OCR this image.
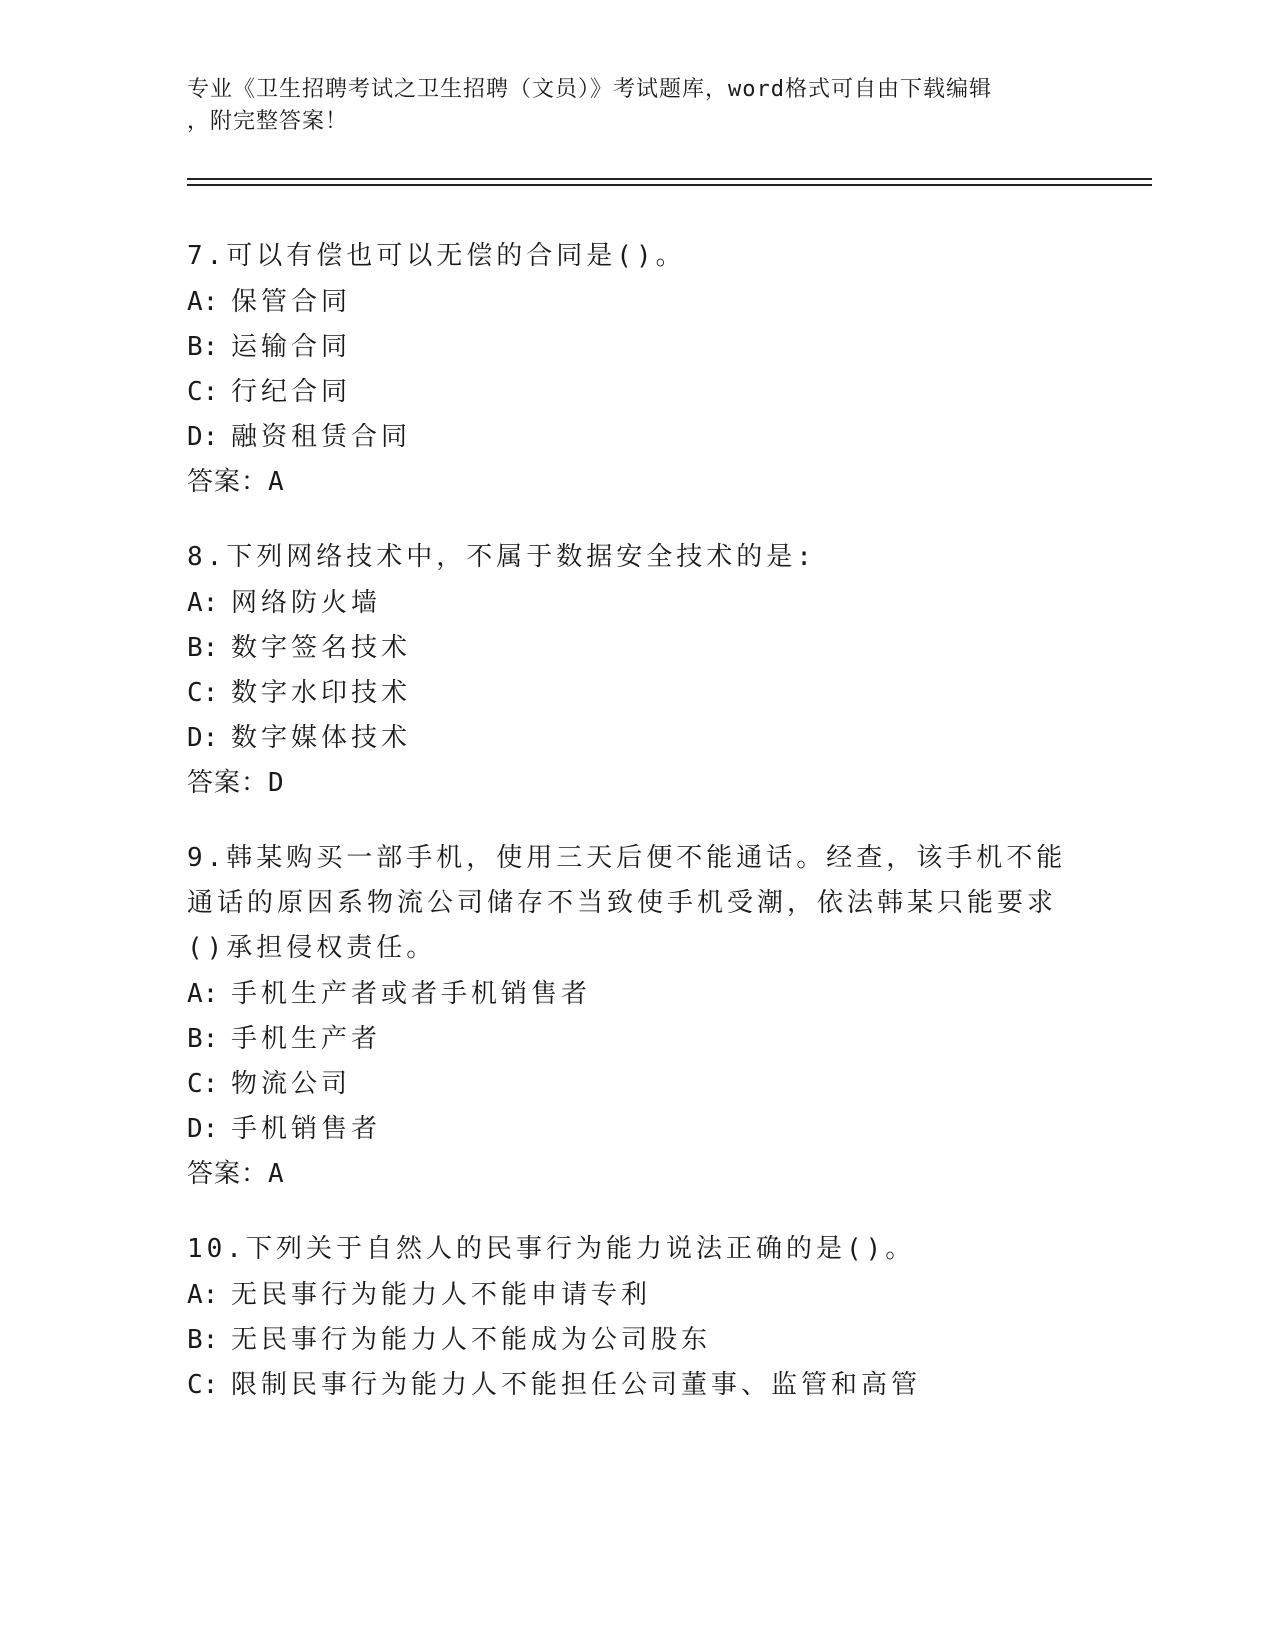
专业《卫生招聘考试之卫生招聘（文员）》考试题库，word格式可自由下载编辑
，附完整答案！

7.可以有偿也可以无偿的合同是()。

A: 保管合同

B: 运输合同

C: 行纪合同

D: 融资租赁合同

答案：A

8.下列网络技术中，不属于数据安全技术的是:

A: 网络防火墙

B: 数字签名技术

C: 数字水印技术

D: 数字媒体技术

答案：D

9.韩某购买一部手机，使用三天后便不能通话。经查，该手机不能通话的原因系物流公司储存不当致使手机受潮，依法韩某只能要求()承担侵权责任。

A: 手机生产者或者手机销售者

B: 手机生产者

C: 物流公司

D: 手机销售者

答案：A

10.下列关于自然人的民事行为能力说法正确的是()。

A: 无民事行为能力人不能申请专利

B: 无民事行为能力人不能成为公司股东

C: 限制民事行为能力人不能担任公司董事、监管和高管
